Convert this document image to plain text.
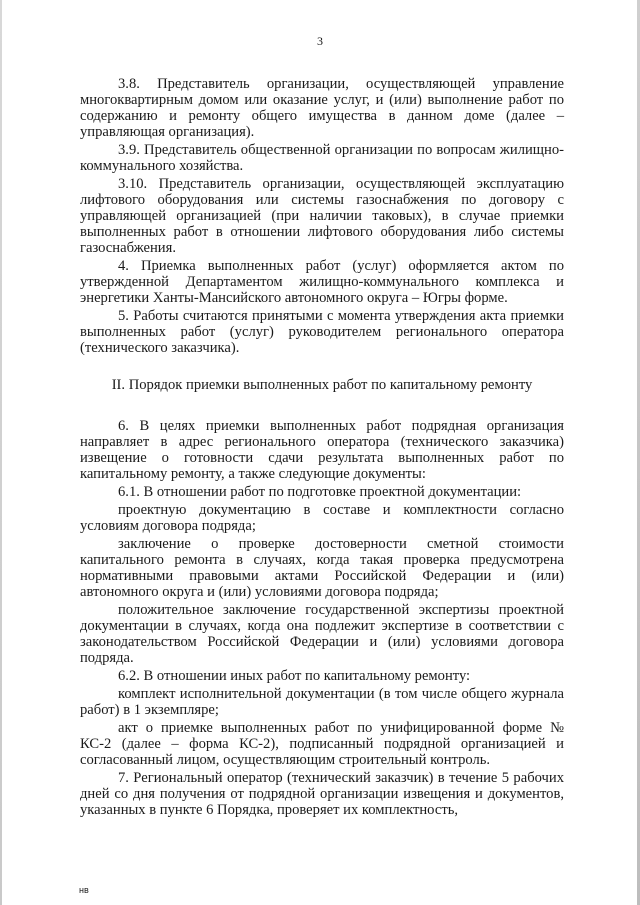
3

3.8. Представитель организации, осуществляющей управление многоквартирным домом или оказание услуг, и (или) выполнение работ по содержанию и ремонту общего имущества в данном доме (далее – управляющая организация).

3.9. Представитель общественной организации по вопросам жилищно-коммунального хозяйства.

3.10. Представитель организации, осуществляющей эксплуатацию лифтового оборудования или системы газоснабжения по договору с управляющей организацией (при наличии таковых), в случае приемки выполненных работ в отношении лифтового оборудования либо системы газоснабжения.

4. Приемка выполненных работ (услуг) оформляется актом по утвержденной Департаментом жилищно-коммунального комплекса и энергетики Ханты-Мансийского автономного округа – Югры форме.

5. Работы считаются принятыми с момента утверждения акта приемки выполненных работ (услуг) руководителем регионального оператора (технического заказчика).

II. Порядок приемки выполненных работ по капитальному ремонту

6. В целях приемки выполненных работ подрядная организация направляет в адрес регионального оператора (технического заказчика) извещение о готовности сдачи результата выполненных работ по капитальному ремонту, а также следующие документы:

6.1. В отношении работ по подготовке проектной документации:

проектную документацию в составе и комплектности согласно условиям договора подряда;

заключение о проверке достоверности сметной стоимости капитального ремонта в случаях, когда такая проверка предусмотрена нормативными правовыми актами Российской Федерации и (или) автономного округа и (или) условиями договора подряда;

положительное заключение государственной экспертизы проектной документации в случаях, когда она подлежит экспертизе в соответствии с законодательством Российской Федерации и (или) условиями договора подряда.

6.2. В отношении иных работ по капитальному ремонту:

комплект исполнительной документации (в том числе общего журнала работ) в 1 экземпляре;

акт о приемке выполненных работ по унифицированной форме № КС-2 (далее – форма КС-2), подписанный подрядной организацией и согласованный лицом, осуществляющим строительный контроль.

7. Региональный оператор (технический заказчик) в течение 5 рабочих дней со дня получения от подрядной организации извещения и документов, указанных в пункте 6 Порядка, проверяет их комплектность,

нв
